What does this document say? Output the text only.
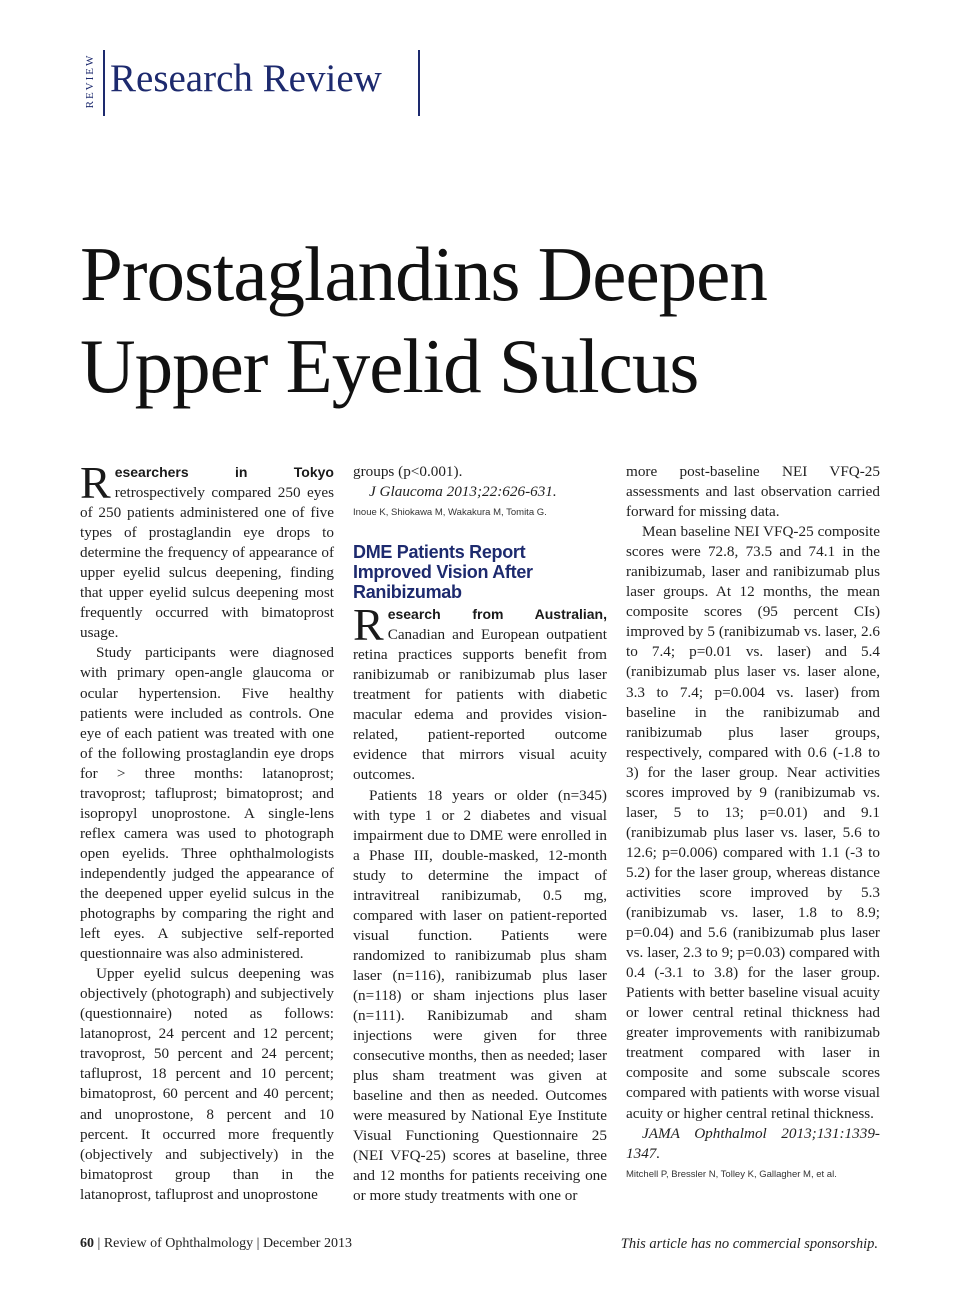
REVIEW Research Review
Prostaglandins Deepen
Upper Eyelid Sulcus

Researchers in Tokyo retrospectively compared 250 eyes of 250 patients administered one of five types of prostaglandin eye drops to determine the frequency of appearance of upper eyelid sulcus deepening, finding that upper eyelid sulcus deepening most frequently occurred with bimatoprost usage.

Study participants were diagnosed with primary open-angle glaucoma or ocular hypertension. Five healthy patients were included as controls. One eye of each patient was treated with one of the following prostaglandin eye drops for > three months: latanoprost; travoprost; tafluprost; bimatoprost; and isopropyl unoprostone. A single-lens reflex camera was used to photograph open eyelids. Three ophthalmologists independently judged the appearance of the deepened upper eyelid sulcus in the photographs by comparing the right and left eyes. A subjective self-reported questionnaire was also administered.

Upper eyelid sulcus deepening was objectively (photograph) and subjectively (questionnaire) noted as follows: latanoprost, 24 percent and 12 percent; travoprost, 50 percent and 24 percent; tafluprost, 18 percent and 10 percent; bimatoprost, 60 percent and 40 percent; and unoprostone, 8 percent and 10 percent. It occurred more frequently (objectively and subjectively) in the bimatoprost group than in the latanoprost, tafluprost and unoprostone

groups (p<0.001).

J Glaucoma 2013;22:626-631.

Inoue K, Shiokawa M, Wakakura M, Tomita G.

DME Patients Report Improved Vision After Ranibizumab

Research from Australian, Canadian and European outpatient retina practices supports benefit from ranibizumab or ranibizumab plus laser treatment for patients with diabetic macular edema and provides vision-related, patient-reported outcome evidence that mirrors visual acuity outcomes.

Patients 18 years or older (n=345) with type 1 or 2 diabetes and visual impairment due to DME were enrolled in a Phase III, double-masked, 12-month study to determine the impact of intravitreal ranibizumab, 0.5 mg, compared with laser on patient-reported visual function. Patients were randomized to ranibizumab plus sham laser (n=116), ranibizumab plus laser (n=118) or sham injections plus laser (n=111). Ranibizumab and sham injections were given for three consecutive months, then as needed; laser plus sham treatment was given at baseline and then as needed. Outcomes were measured by National Eye Institute Visual Functioning Questionnaire 25 (NEI VFQ-25) scores at baseline, three and 12 months for patients receiving one or more study treatments with one or

more post-baseline NEI VFQ-25 assessments and last observation carried forward for missing data.

Mean baseline NEI VFQ-25 composite scores were 72.8, 73.5 and 74.1 in the ranibizumab, laser and ranibizumab plus laser groups. At 12 months, the mean composite scores (95 percent CIs) improved by 5 (ranibizumab vs. laser, 2.6 to 7.4; p=0.01 vs. laser) and 5.4 (ranibizumab plus laser vs. laser alone, 3.3 to 7.4; p=0.004 vs. laser) from baseline in the ranibizumab and ranibizumab plus laser groups, respectively, compared with 0.6 (-1.8 to 3) for the laser group. Near activities scores improved by 9 (ranibizumab vs. laser, 5 to 13; p=0.01) and 9.1 (ranibizumab plus laser vs. laser, 5.6 to 12.6; p=0.006) compared with 1.1 (-3 to 5.2) for the laser group, whereas distance activities score improved by 5.3 (ranibizumab vs. laser, 1.8 to 8.9; p=0.04) and 5.6 (ranibizumab plus laser vs. laser, 2.3 to 9; p=0.03) compared with 0.4 (-3.1 to 3.8) for the laser group. Patients with better baseline visual acuity or lower central retinal thickness had greater improvements with ranibizumab treatment compared with laser in composite and some subscale scores compared with patients with worse visual acuity or higher central retinal thickness.

JAMA Ophthalmol 2013;131:1339-1347.

Mitchell P, Bressler N, Tolley K, Gallagher M, et al.

60 | Review of Ophthalmology | December 2013	This article has no commercial sponsorship.
